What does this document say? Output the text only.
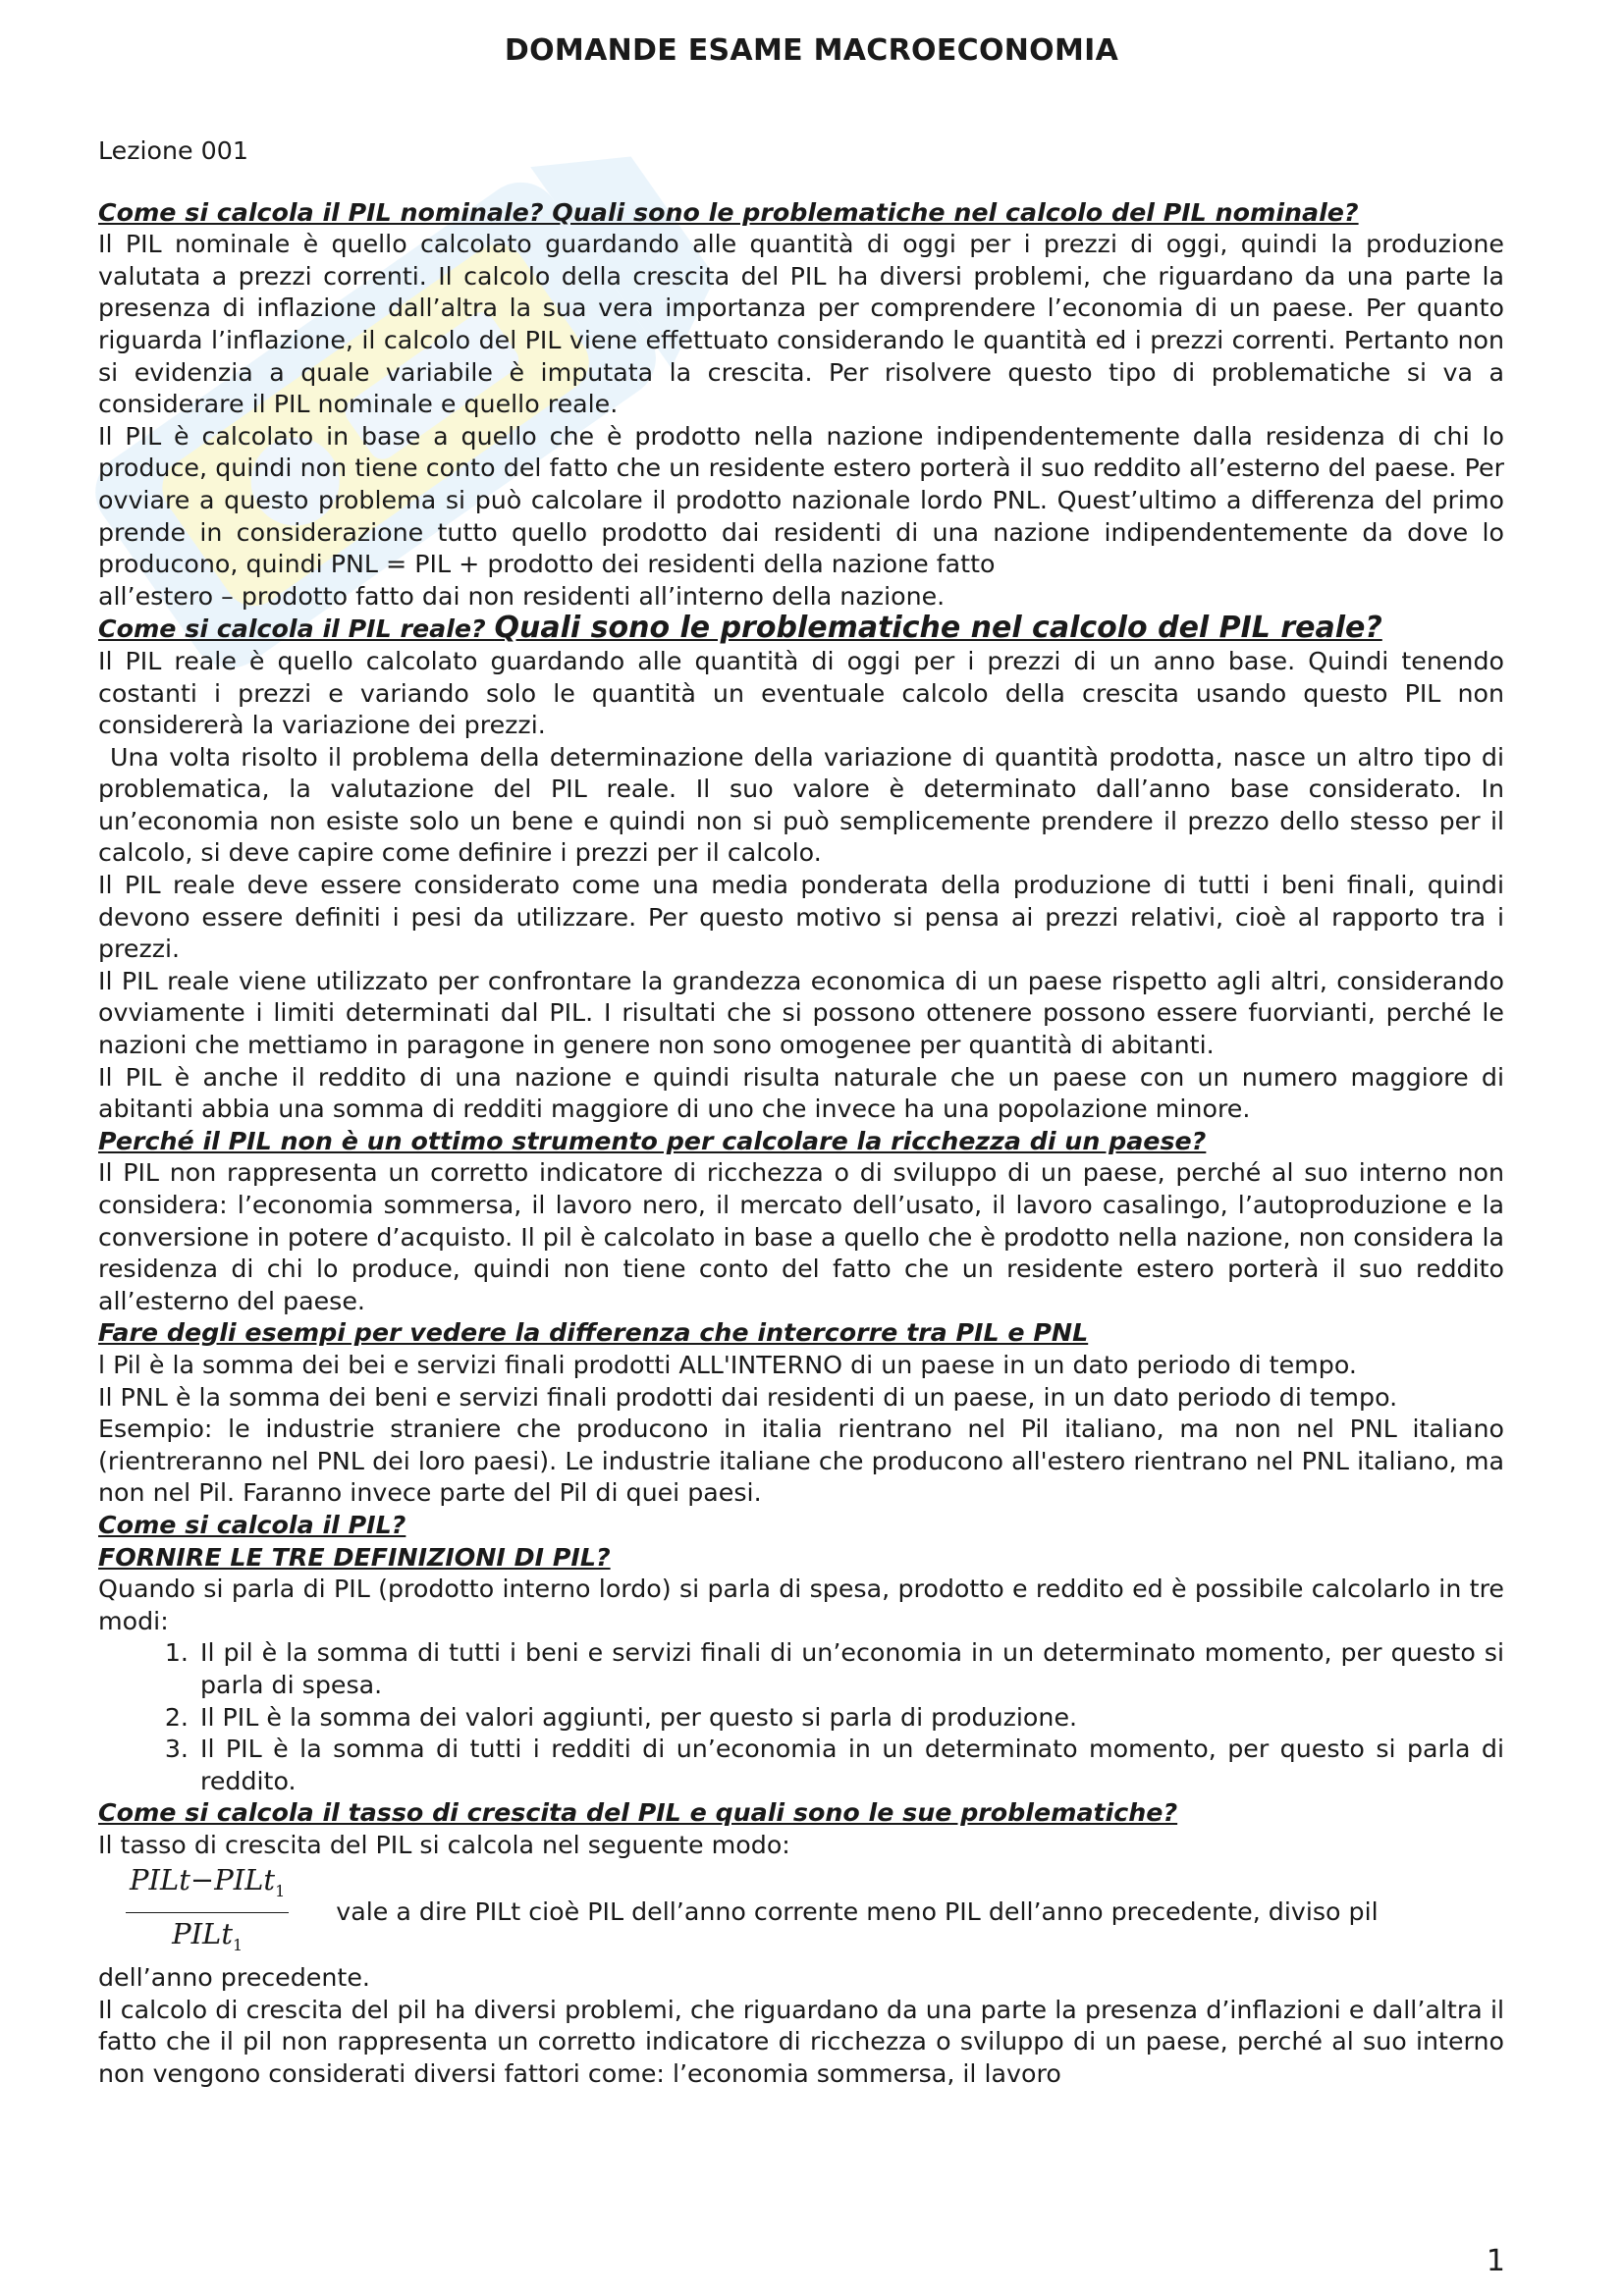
DOMANDE ESAME MACROECONOMIA

Lezione 001

Come si calcola il PIL nominale? Quali sono le problematiche nel calcolo del PIL nominale?

Il PIL nominale è quello calcolato guardando alle quantità di oggi per i prezzi di oggi, quindi la produzione valutata a prezzi correnti. Il calcolo della crescita del PIL ha diversi problemi, che riguardano da una parte la presenza di inflazione dall’altra la sua vera importanza per comprendere l’economia di un paese. Per quanto riguarda l’inflazione, il calcolo del PIL viene effettuato considerando le quantità ed i prezzi correnti. Pertanto non si evidenzia a quale variabile è imputata la crescita. Per risolvere questo tipo di problematiche si va a considerare il PIL nominale e quello reale.

Il PIL è calcolato in base a quello che è prodotto nella nazione indipendentemente dalla residenza di chi lo produce, quindi non tiene conto del fatto che un residente estero porterà il suo reddito all’esterno del paese. Per ovviare a questo problema si può calcolare il prodotto nazionale lordo PNL. Quest’ultimo a differenza del primo prende in considerazione tutto quello prodotto dai residenti di una nazione indipendentemente da dove lo producono, quindi PNL = PIL + prodotto dei residenti della nazione fatto

all’estero – prodotto fatto dai non residenti all’interno della nazione.

Come si calcola il PIL reale? Quali sono le problematiche nel calcolo del PIL reale?

Il PIL reale è quello calcolato guardando alle quantità di oggi per i prezzi di un anno base. Quindi tenendo costanti i prezzi e variando solo le quantità un eventuale calcolo della crescita usando questo PIL non considererà la variazione dei prezzi.

Una volta risolto il problema della determinazione della variazione di quantità prodotta, nasce un altro tipo di problematica, la valutazione del PIL reale. Il suo valore è determinato dall’anno base considerato. In un’economia non esiste solo un bene e quindi non si può semplicemente prendere il prezzo dello stesso per il calcolo, si deve capire come definire i prezzi per il calcolo.

Il PIL reale deve essere considerato come una media ponderata della produzione di tutti i beni finali, quindi devono essere definiti i pesi da utilizzare. Per questo motivo si pensa ai prezzi relativi, cioè al rapporto tra i prezzi.

Il PIL reale viene utilizzato per confrontare la grandezza economica di un paese rispetto agli altri, considerando ovviamente i limiti determinati dal PIL. I risultati che si possono ottenere possono essere fuorvianti, perché le nazioni che mettiamo in paragone in genere non sono omogenee per quantità di abitanti.

Il PIL è anche il reddito di una nazione e quindi risulta naturale che un paese con un numero maggiore di abitanti abbia una somma di redditi maggiore di uno che invece ha una popolazione minore.

Perché il PIL non è un ottimo strumento per calcolare la ricchezza di un paese?

Il PIL non rappresenta un corretto indicatore di ricchezza o di sviluppo di un paese, perché al suo interno non considera: l’economia sommersa, il lavoro nero, il mercato dell’usato, il lavoro casalingo, l’autoproduzione e la conversione in potere d’acquisto. Il pil è calcolato in base a quello che è prodotto nella nazione, non considera la residenza di chi lo produce, quindi non tiene conto del fatto che un residente estero porterà il suo reddito all’esterno del paese.

Fare degli esempi per vedere la differenza che intercorre tra PIL e PNL

l Pil è la somma dei bei e servizi finali prodotti ALL'INTERNO di un paese in un dato periodo di tempo.

Il PNL è la somma dei beni e servizi finali prodotti dai residenti di un paese, in un dato periodo di tempo.

Esempio: le industrie straniere che producono in italia rientrano nel Pil italiano, ma non nel PNL italiano (rientreranno nel PNL dei loro paesi). Le industrie italiane che producono all'estero rientrano nel PNL italiano, ma non nel Pil. Faranno invece parte del Pil di quei paesi.

Come si calcola il PIL?

FORNIRE LE TRE DEFINIZIONI DI PIL?

Quando si parla di PIL (prodotto interno lordo) si parla di spesa, prodotto e reddito ed è possibile calcolarlo in tre modi:

1. Il pil è la somma di tutti i beni e servizi finali di un’economia in un determinato momento, per questo si parla di spesa.
2. Il PIL è la somma dei valori aggiunti, per questo si parla di produzione.
3. Il PIL è la somma di tutti i redditi di un’economia in un determinato momento, per questo si parla di reddito.

Come si calcola il tasso di crescita del PIL e quali sono le sue problematiche?

Il tasso di crescita del PIL si calcola nel seguente modo:

$\frac{PILt-PILt_1}{PILt_1}$ vale a dire PILt cioè PIL dell’anno corrente meno PIL dell’anno precedente, diviso pil

dell’anno precedente.

Il calcolo di crescita del pil ha diversi problemi, che riguardano da una parte la presenza d’inflazioni e dall’altra il fatto che il pil non rappresenta un corretto indicatore di ricchezza o sviluppo di un paese, perché al suo interno non vengono considerati diversi fattori come: l’economia sommersa, il lavoro

1
